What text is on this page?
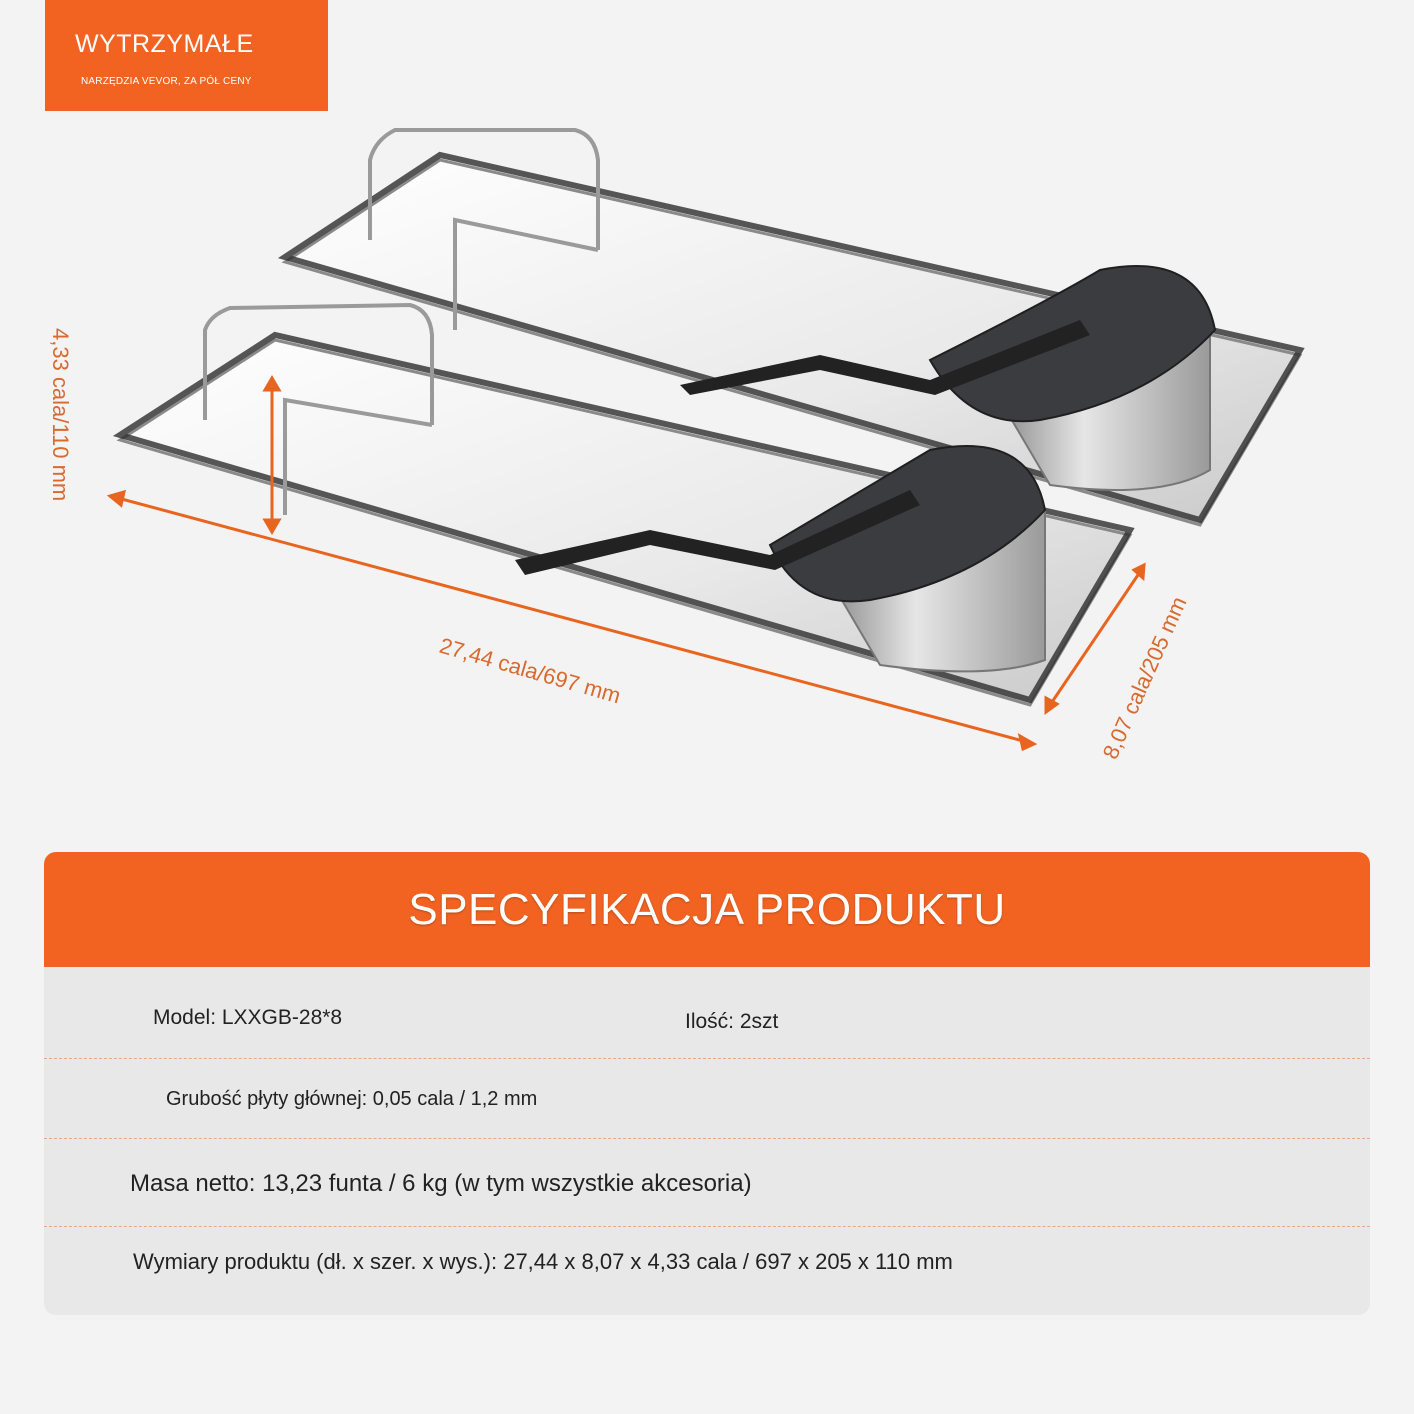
WYTRZYMAŁE
NARZĘDZIA VEVOR, ZA PÓŁ CENY
4,33 cala/110 mm
27,44 cala/697 mm	8,07 cala/205 mm
SPECYFIKACJA PRODUKTU
Model: LXXGB-28*8	Ilość: 2szt
Grubość płyty głównej: 0,05 cala / 1,2 mm
Masa netto: 13,23 funta / 6 kg (w tym wszystkie akcesoria)
Wymiary produktu (dł. x szer. x wys.): 27,44 x 8,07 x 4,33 cala / 697 x 205 x 110 mm
